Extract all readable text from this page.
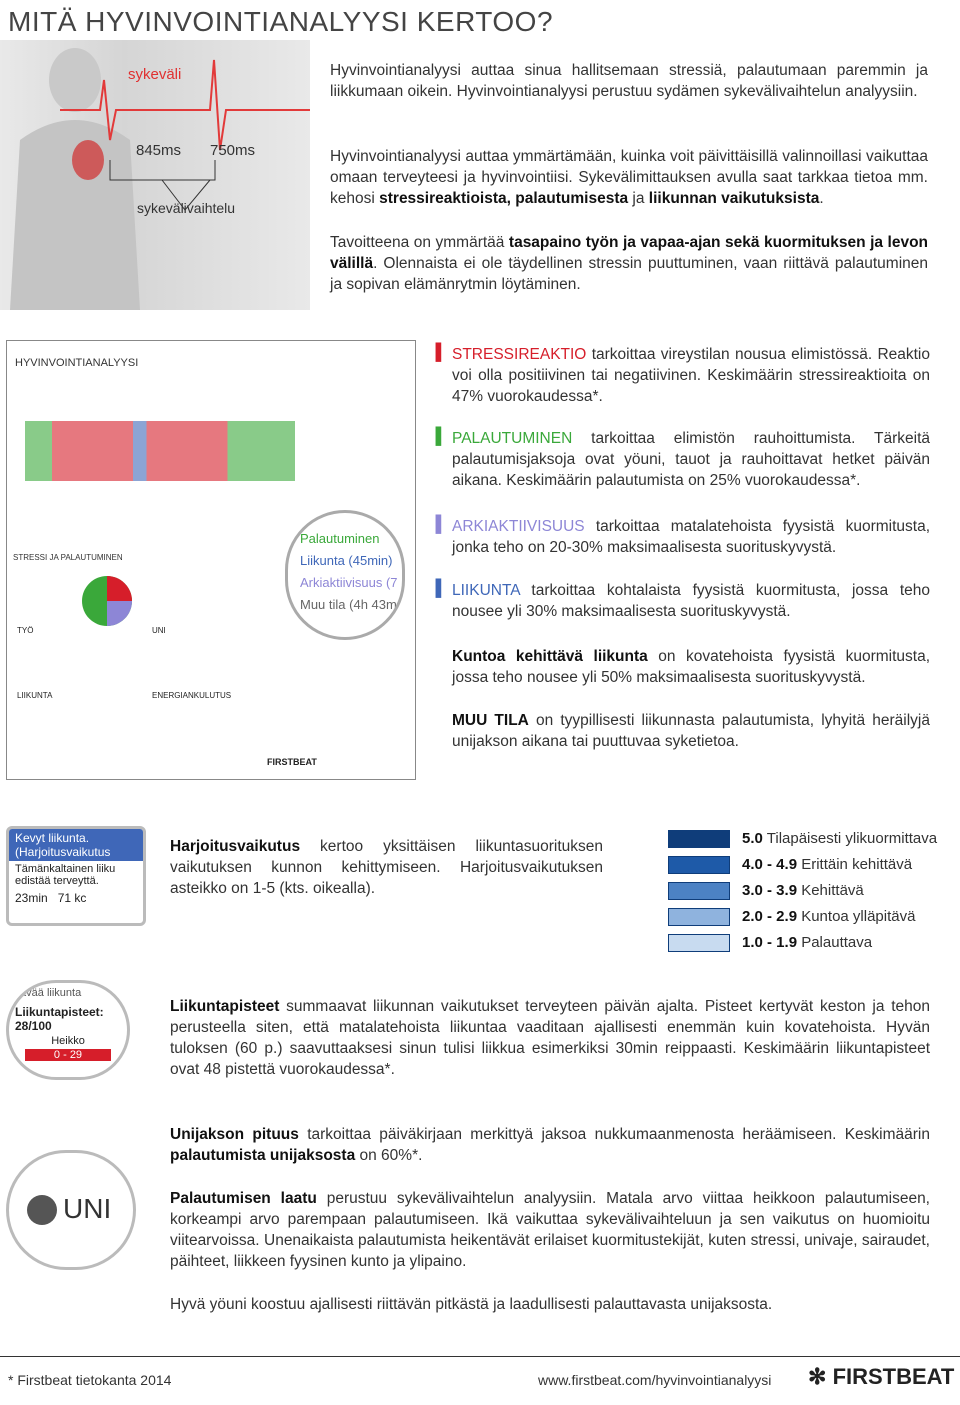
MITÄ HYVINVOINTIANALYYSI KERTOO?
sykeväli
845ms 750ms
sykevälivaihtelu

Hyvinvointianalyysi auttaa sinua hallitsemaan stressiä, palautumaan paremmin ja liikkumaan oikein. Hyvinvointianalyysi perustuu sydämen sykevälivaihtelun analyysiin.

Hyvinvointianalyysi auttaa ymmärtämään, kuinka voit päivittäisillä valinnoillasi vaikuttaa omaan terveyteesi ja hyvinvointiisi. Sykevälimittauksen avulla saat tarkkaa tietoa mm. kehosi stressireaktioista, palautumisesta ja liikunnan vaikutuksista.

Tavoitteena on ymmärtää tasapaino työn ja vapaa-ajan sekä kuormituksen ja levon välillä. Olennaista ei ole täydellinen stressin puuttuminen, vaan riittävä palautuminen ja sopivan elämänrytmin löytäminen.

HYVINVOINTIANALYYSI
STRESSI JA PALAUTUMINEN
TYÖ
LIIKUNTA
UNI
ENERGIANKULUTUS
FIRSTBEAT
Palautuminen
Liikunta (45min)
Arkiaktiivisuus (7
Muu tila (4h 43m
▐ STRESSIREAKTIO tarkoittaa vireystilan nousua elimistössä. Reaktio voi olla positiivinen tai negatiivinen. Keskimäärin stressireaktioita on 47% vuorokaudessa*.

▐ PALAUTUMINEN tarkoittaa elimistön rauhoittumista. Tärkeitä palautumisjaksoja ovat yöuni, tauot ja rauhoittavat hetket päivän aikana. Keskimäärin palautumista on 25% vuorokaudessa*.

▐ ARKIAKTIIVISUUS tarkoittaa matalatehoista fyysistä kuormitusta, jonka teho on 20-30% maksimaalisesta suorituskyvystä.

▐ LIIKUNTA tarkoittaa kohtalaista fyysistä kuormitusta, jossa teho nousee yli 30% maksimaalisesta suorituskyvystä.

Kuntoa kehittävä liikunta on kovatehoista fyysistä kuormitusta, jossa teho nousee yli 50% maksimaalisesta suorituskyvystä.

MUU TILA on tyypillisesti liikunnasta palautumista, lyhyitä heräilyjä unijakson aikana tai puuttuvaa syketietoa.

Kevyt liikunta.
(Harjoitusvaikutus
Tämänkaltainen liiku
edistää terveyttä.
23min 71 kc

Harjoitusvaikutus kertoo yksittäisen liikuntasuorituksen vaikutuksen kunnon kehittymiseen. Harjoitusvaikutuksen asteikko on 1-5 (kts. oikealla).

5.0 Tilapäisesti ylikuormittava
4.0 - 4.9 Erittäin kehittävä
3.0 - 3.9 Kehittävä
2.0 - 2.9 Kuntoa ylläpitävä
1.0 - 1.9 Palauttava
tävää liikunta
Liikuntapisteet: 28/100
Heikko
0 - 29

Liikuntapisteet summaavat liikunnan vaikutukset terveyteen päivän ajalta. Pisteet kertyvät keston ja tehon perusteella siten, että matalatehoista liikuntaa vaaditaan ajallisesti enemmän kuin kovatehoista. Hyvän tuloksen (60 p.) saavuttaaksesi sinun tulisi liikkua esimerkiksi 30min reippaasti. Keskimäärin liikuntapisteet ovat 48 pistettä vuorokaudessa*.

UNI

Unijakson pituus tarkoittaa päiväkirjaan merkittyä jaksoa nukkumaanmenosta heräämiseen. Keskimäärin palautumista unijaksosta on 60%*.

Palautumisen laatu perustuu sykevälivaihtelun analyysiin. Matala arvo viittaa heikkoon palautumiseen, korkeampi arvo parempaan palautumiseen. Ikä vaikuttaa sykevälivaihteluun ja sen vaikutus on huomioitu viitearvoissa. Unenaikaista palautumista heikentävät erilaiset kuormitustekijät, kuten stressi, univaje, sairaudet, päihteet, liikkeen fyysinen kunto ja ylipaino.

Hyvä yöuni koostuu ajallisesti riittävän pitkästä ja laadullisesti palauttavasta unijaksosta.

* Firstbeat tietokanta 2014	www.firstbeat.com/hyvinvointianalyysi ✻ FIRSTBEAT
